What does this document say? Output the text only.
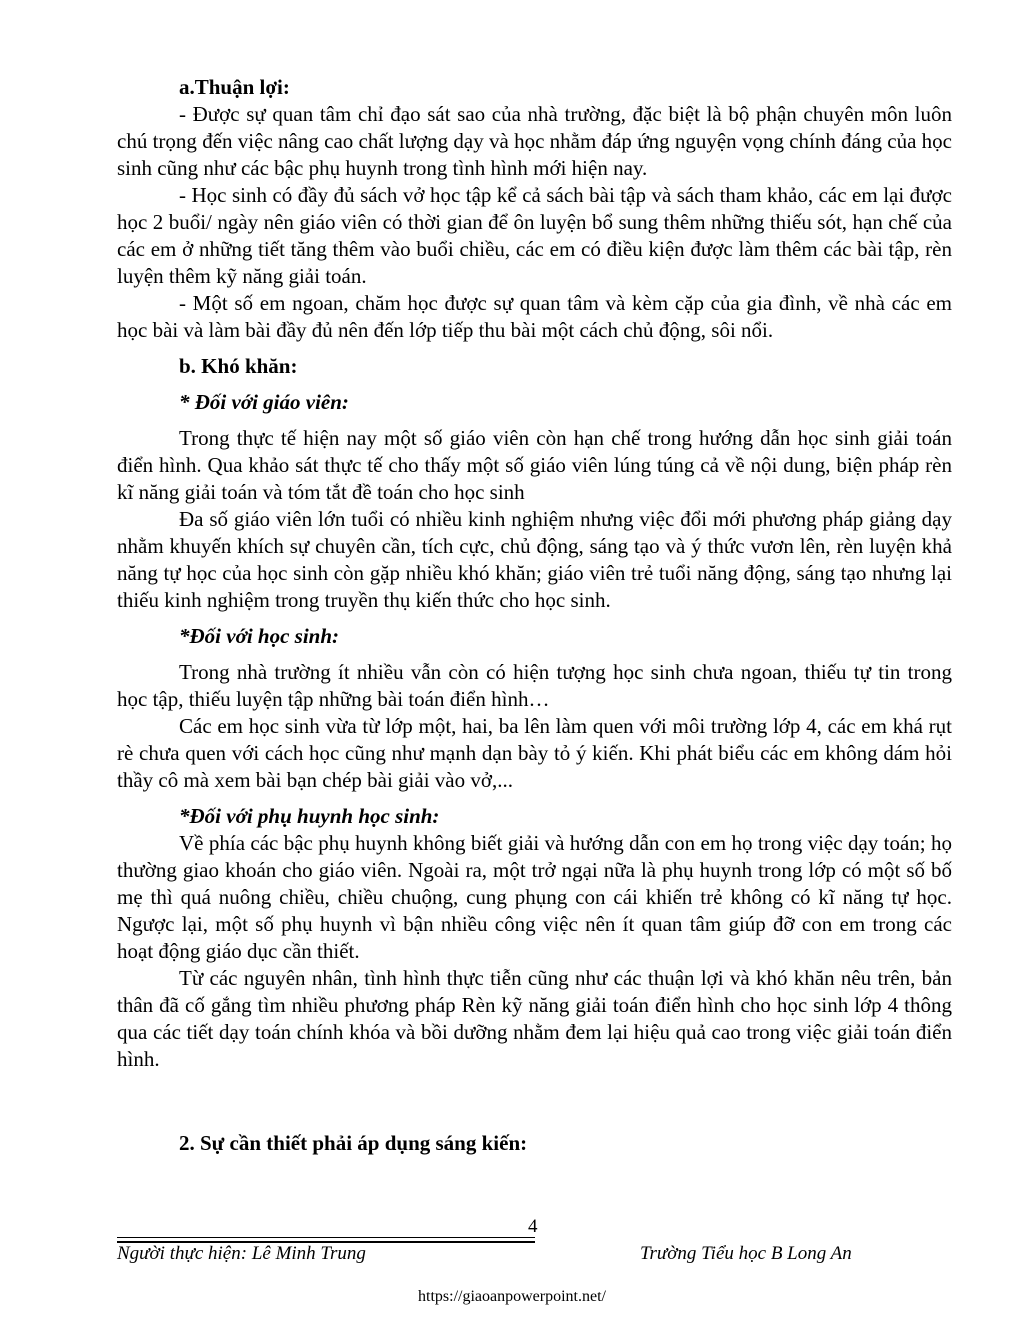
a.Thuận lợi:

- Được sự quan tâm chỉ đạo sát sao của nhà trường, đặc biệt là bộ phận chuyên môn luôn chú trọng đến việc nâng cao chất lượng dạy và học nhằm đáp ứng nguyện vọng chính đáng của học sinh cũng như các bậc phụ huynh trong tình hình mới hiện nay.

- Học sinh có đầy đủ sách vở học tập kể cả sách bài tập và sách tham khảo, các em lại được học 2 buổi/ ngày nên giáo viên có thời gian để ôn luyện bổ sung thêm những thiếu sót, hạn chế của các em ở những tiết tăng thêm vào buổi chiều, các em có điều kiện được làm thêm các bài tập, rèn luyện thêm kỹ năng giải toán.

- Một số em ngoan, chăm học được sự quan tâm và kèm cặp của gia đình, về nhà các em học bài và làm bài đầy đủ nên đến lớp tiếp thu bài một cách chủ động, sôi nổi.

b. Khó khăn:

* Đối với giáo viên:

Trong thực tế hiện nay một số giáo viên còn hạn chế trong hướng dẫn học sinh giải toán điển hình. Qua khảo sát thực tế cho thấy một số giáo viên lúng túng cả về nội dung, biện pháp rèn kĩ năng giải toán và tóm tắt đề toán cho học sinh

Đa số giáo viên lớn tuổi có nhiều kinh nghiệm nhưng việc đổi mới phương pháp giảng dạy nhằm khuyến khích sự chuyên cần, tích cực, chủ động, sáng tạo và ý thức vươn lên, rèn luyện khả năng tự học của học sinh còn gặp nhiều khó khăn; giáo viên trẻ tuổi năng động, sáng tạo nhưng lại thiếu kinh nghiệm trong truyền thụ kiến thức cho học sinh.

*Đối với học sinh:

Trong nhà trường ít nhiều vẫn còn có hiện tượng học sinh chưa ngoan, thiếu tự tin trong học tập, thiếu luyện tập những bài toán điển hình…

Các em học sinh vừa từ lớp một, hai, ba lên làm quen với môi trường lớp 4, các em khá rụt rè chưa quen với cách học cũng như mạnh dạn bày tỏ ý kiến. Khi phát biểu các em không dám hỏi thầy cô mà xem bài bạn chép bài giải vào vở,...

*Đối với phụ huynh học sinh:

Về phía các bậc phụ huynh không biết giải và hướng dẫn con em họ trong việc dạy toán; họ thường giao khoán cho giáo viên. Ngoài ra, một trở ngại nữa là phụ huynh trong lớp có một số bố mẹ thì quá nuông chiều, chiều chuộng, cung phụng con cái khiến trẻ không có kĩ năng tự học. Ngược lại, một số phụ huynh vì bận nhiều công việc nên ít quan tâm giúp đỡ con em trong các hoạt động giáo dục cần thiết.

Từ các nguyên nhân, tình hình thực tiễn cũng như các thuận lợi và khó khăn nêu trên, bản thân đã cố gắng tìm nhiều phương pháp Rèn kỹ năng giải toán điển hình cho học sinh lớp 4 thông qua các tiết dạy toán chính khóa và bồi dưỡng nhằm đem lại hiệu quả cao trong việc giải toán điển hình.

2. Sự cần thiết phải áp dụng sáng kiến:

4
Người thực hiện: Lê Minh Trung	Trường Tiểu học B Long An
https://giaoanpowerpoint.net/
